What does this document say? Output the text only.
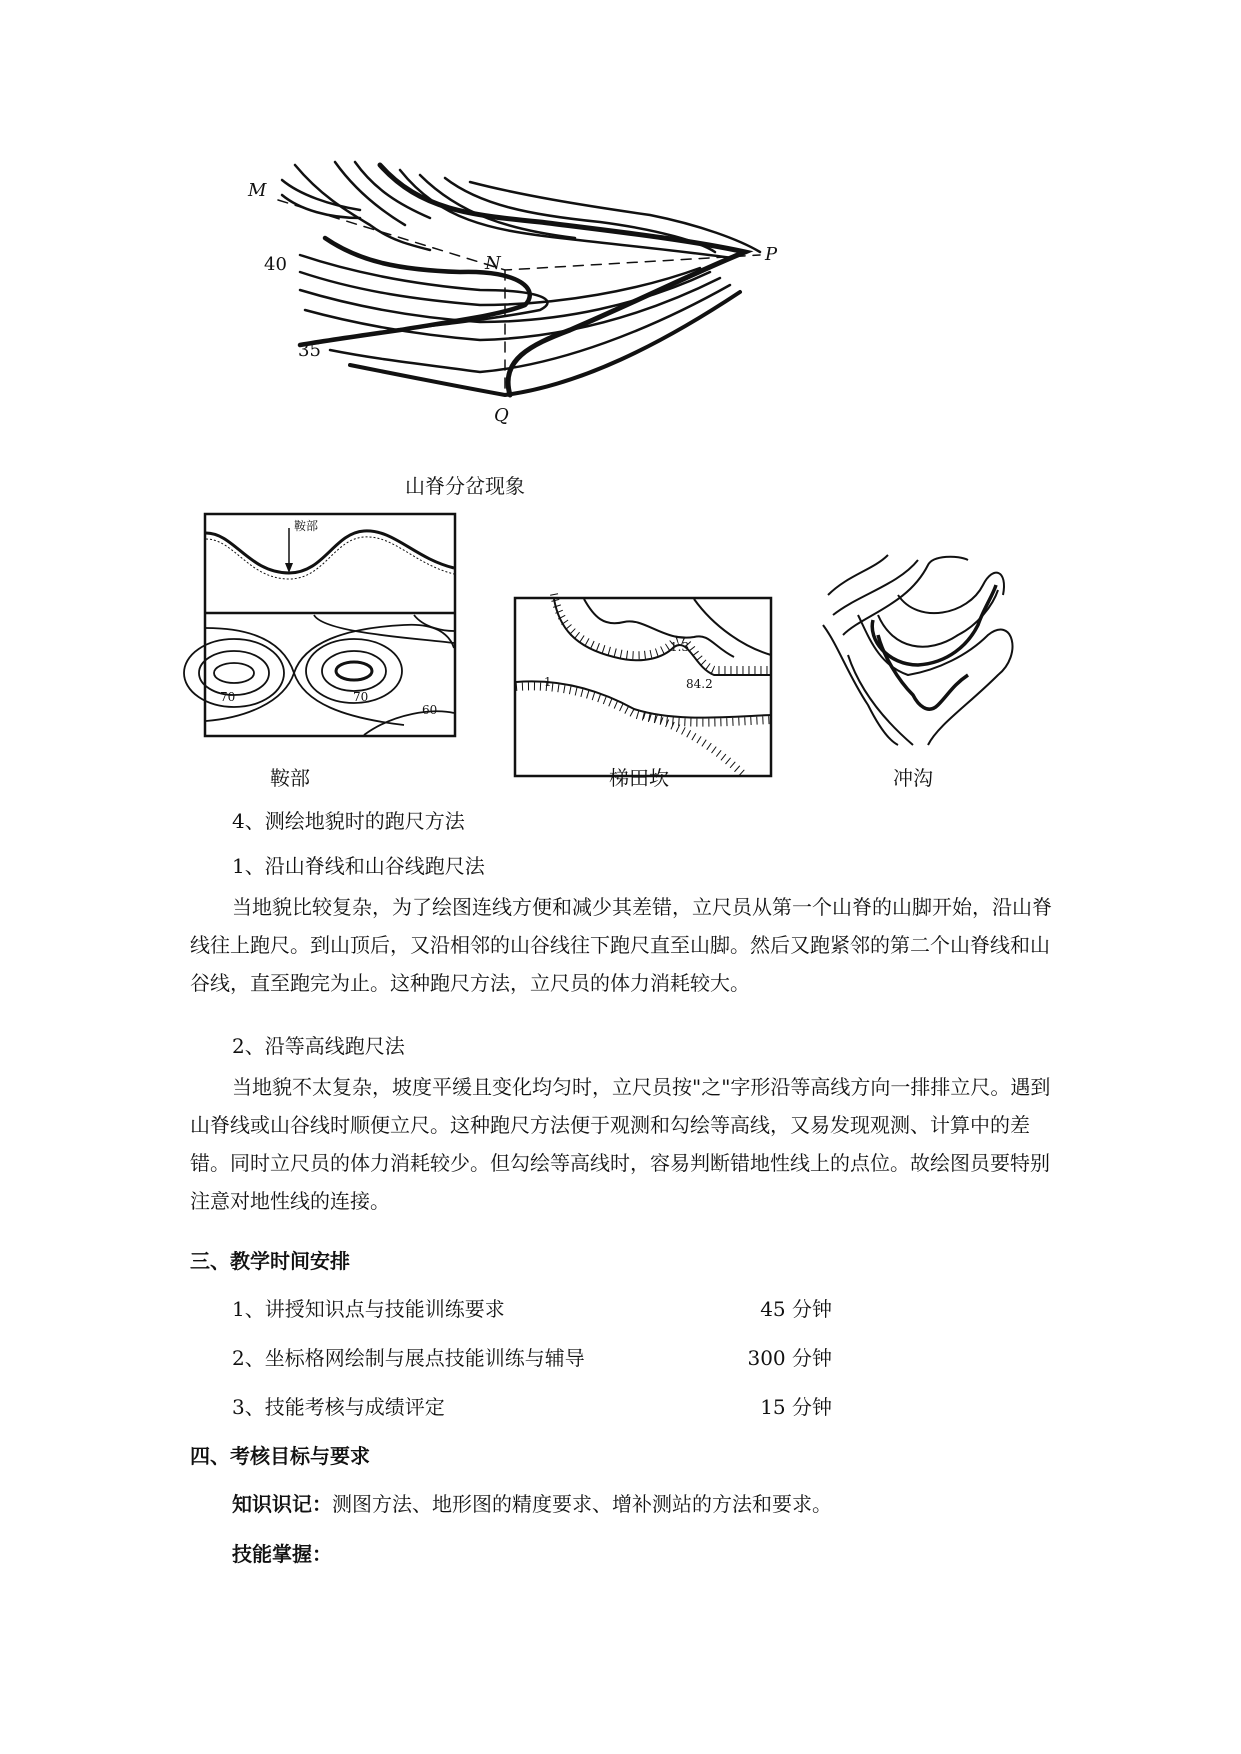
M
N	P
Q
40
35
山脊分岔现象
鞍部
70	70
60
1.3
84.2
1
鞍部	梯田坎	冲沟
4、测绘地貌时的跑尺方法
1、沿山脊线和山谷线跑尺法

当地貌比较复杂，为了绘图连线方便和减少其差错，立尺员从第一个山脊的山脚开始，沿山脊线往上跑尺。到山顶后，又沿相邻的山谷线往下跑尺直至山脚。然后又跑紧邻的第二个山脊线和山谷线，直至跑完为止。这种跑尺方法，立尺员的体力消耗较大。

2、沿等高线跑尺法

当地貌不太复杂，坡度平缓且变化均匀时，立尺员按"之"字形沿等高线方向一排排立尺。遇到山脊线或山谷线时顺便立尺。这种跑尺方法便于观测和勾绘等高线，又易发现观测、计算中的差错。同时立尺员的体力消耗较少。但勾绘等高线时，容易判断错地性线上的点位。故绘图员要特别注意对地性线的连接。

三、教学时间安排
1、讲授知识点与技能训练要求	45 分钟
2、坐标格网绘制与展点技能训练与辅导	300 分钟
3、技能考核与成绩评定	15 分钟
四、考核目标与要求
知识识记：测图方法、地形图的精度要求、增补测站的方法和要求。
技能掌握：
